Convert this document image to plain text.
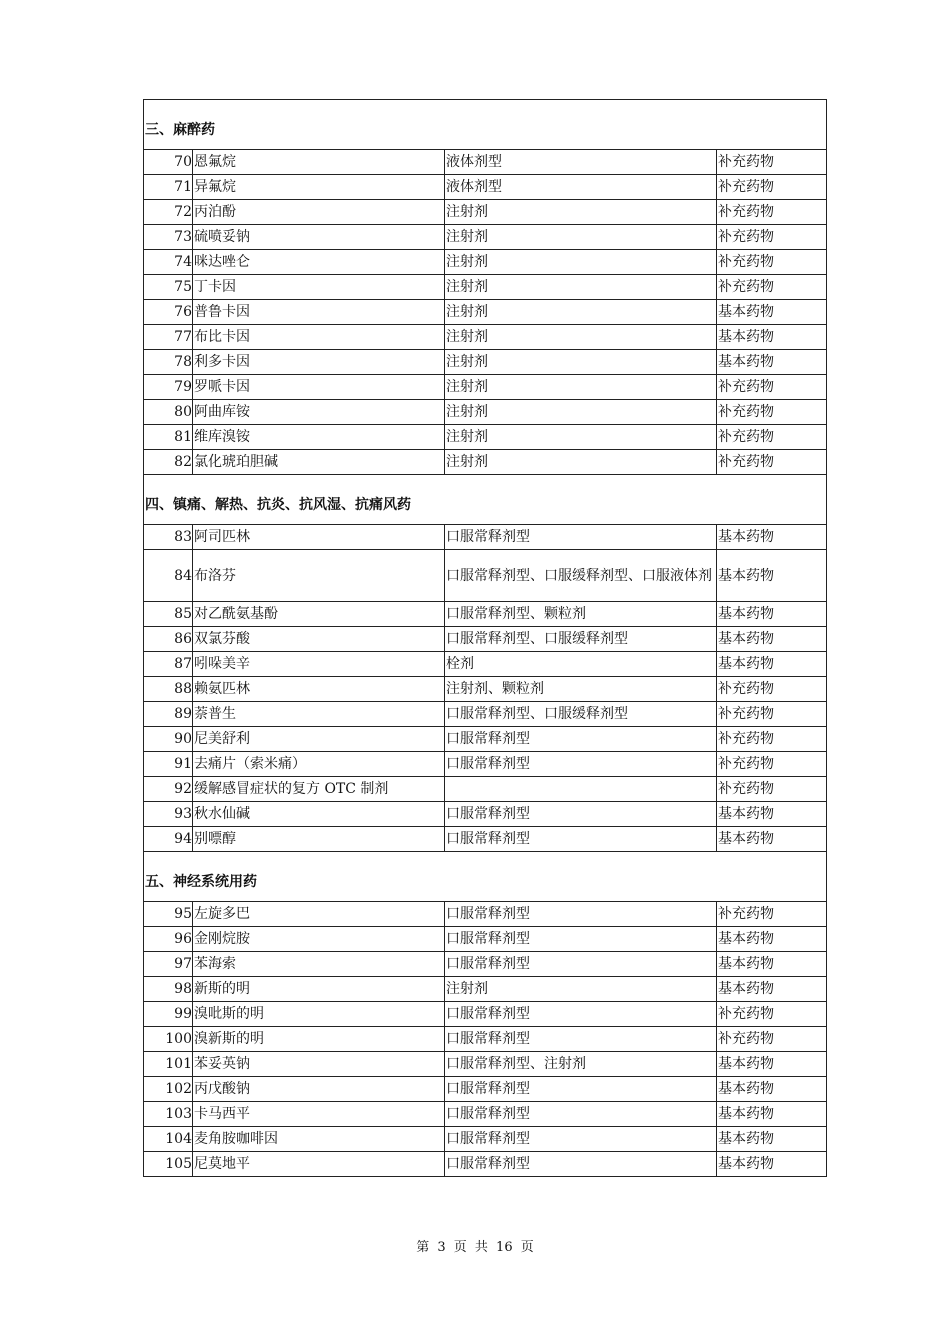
三、麻醉药			
70	恩氟烷	液体剂型	补充药物
71	异氟烷	液体剂型	补充药物
72	丙泊酚	注射剂	补充药物
73	硫喷妥钠	注射剂	补充药物
74	咪达唑仑	注射剂	补充药物
75	丁卡因	注射剂	补充药物
76	普鲁卡因	注射剂	基本药物
77	布比卡因	注射剂	基本药物
78	利多卡因	注射剂	基本药物
79	罗哌卡因	注射剂	补充药物
80	阿曲库铵	注射剂	补充药物
81	维库溴铵	注射剂	补充药物
82	氯化琥珀胆碱	注射剂	补充药物
四、镇痛、解热、抗炎、抗风湿、抗痛风药			
83	阿司匹林	口服常释剂型	基本药物
84	布洛芬	口服常释剂型、口服缓释剂型、口服液体剂	基本药物
85	对乙酰氨基酚	口服常释剂型、颗粒剂	基本药物
86	双氯芬酸	口服常释剂型、口服缓释剂型	基本药物
87	吲哚美辛	栓剂	基本药物
88	赖氨匹林	注射剂、颗粒剂	补充药物
89	萘普生	口服常释剂型、口服缓释剂型	补充药物
90	尼美舒利	口服常释剂型	补充药物
91	去痛片（索米痛）	口服常释剂型	补充药物
92	缓解感冒症状的复方 OTC 制剂		补充药物
93	秋水仙碱	口服常释剂型	基本药物
94	别嘌醇	口服常释剂型	基本药物
五、神经系统用药			
95	左旋多巴	口服常释剂型	补充药物
96	金刚烷胺	口服常释剂型	基本药物
97	苯海索	口服常释剂型	基本药物
98	新斯的明	注射剂	基本药物
99	溴吡斯的明	口服常释剂型	补充药物
100	溴新斯的明	口服常释剂型	补充药物
101	苯妥英钠	口服常释剂型、注射剂	基本药物
102	丙戊酸钠	口服常释剂型	基本药物
103	卡马西平	口服常释剂型	基本药物
104	麦角胺咖啡因	口服常释剂型	基本药物
105	尼莫地平	口服常释剂型	基本药物
第 3 页 共 16 页
